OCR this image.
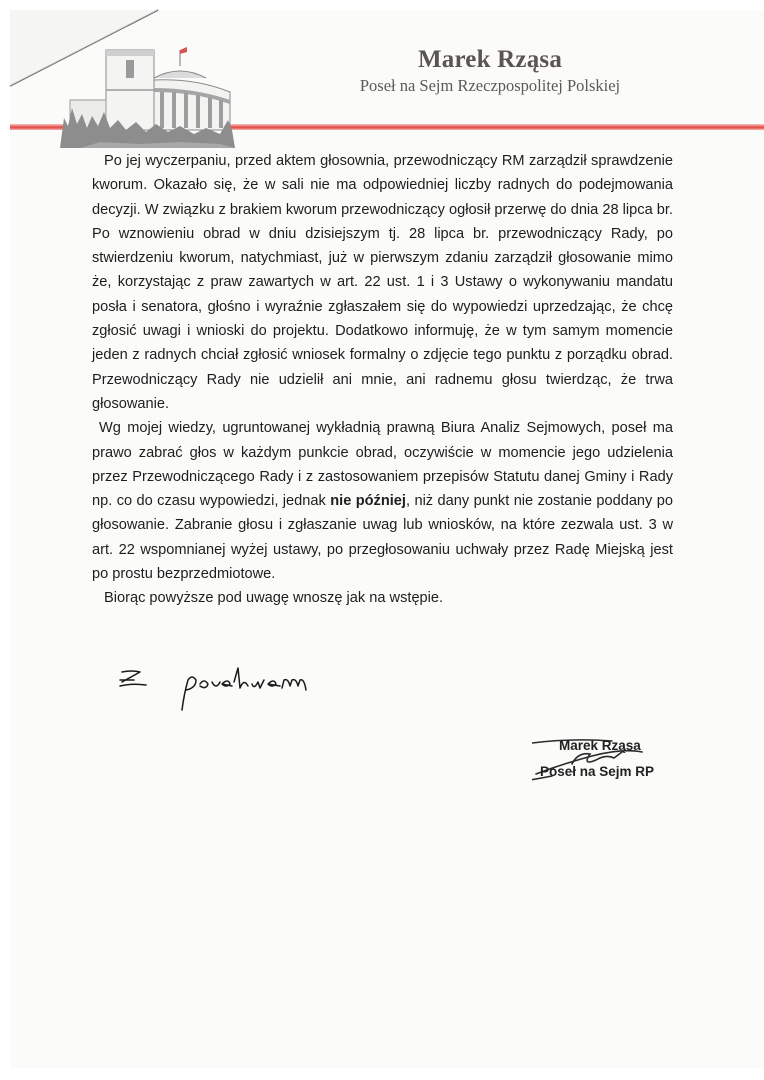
Marek Rząsa
Poseł na Sejm Rzeczpospolitej Polskiej

Po jej wyczerpaniu, przed aktem głosownia, przewodniczący RM zarządził sprawdzenie kworum. Okazało się, że w sali nie ma odpowiedniej liczby radnych do podejmowania decyzji. W związku z brakiem kworum przewodniczący ogłosił przerwę do dnia 28 lipca br. Po wznowieniu obrad w dniu dzisiejszym tj. 28 lipca br. przewodniczący Rady, po stwierdzeniu kworum, natychmiast, już w pierwszym zdaniu zarządził głosowanie mimo że, korzystając z praw zawartych w art. 22 ust. 1 i 3 Ustawy o wykonywaniu mandatu posła i senatora, głośno i wyraźnie zgłaszałem się do wypowiedzi uprzedzając, że chcę zgłosić uwagi i wnioski do projektu. Dodatkowo informuję, że w tym samym momencie jeden z radnych chciał zgłosić wniosek formalny o zdjęcie tego punktu z porządku obrad. Przewodniczący Rady nie udzielił ani mnie, ani radnemu głosu twierdząc, że trwa głosowanie.

Wg mojej wiedzy, ugruntowanej wykładnią prawną Biura Analiz Sejmowych, poseł ma prawo zabrać głos w każdym punkcie obrad, oczywiście w momencie jego udzielenia przez Przewodniczącego Rady i z zastosowaniem przepisów Statutu danej Gminy i Rady np. co do czasu wypowiedzi, jednak nie później, niż dany punkt nie zostanie poddany po głosowanie. Zabranie głosu i zgłaszanie uwag lub wniosków, na które zezwala ust. 3 w art. 22 wspomnianej wyżej ustawy, po przegłosowaniu uchwały przez Radę Miejską jest po prostu bezprzedmiotowe.

Biorąc powyższe pod uwagę wnoszę jak na wstępie.

Marek Rząsa
Poseł na Sejm RP
